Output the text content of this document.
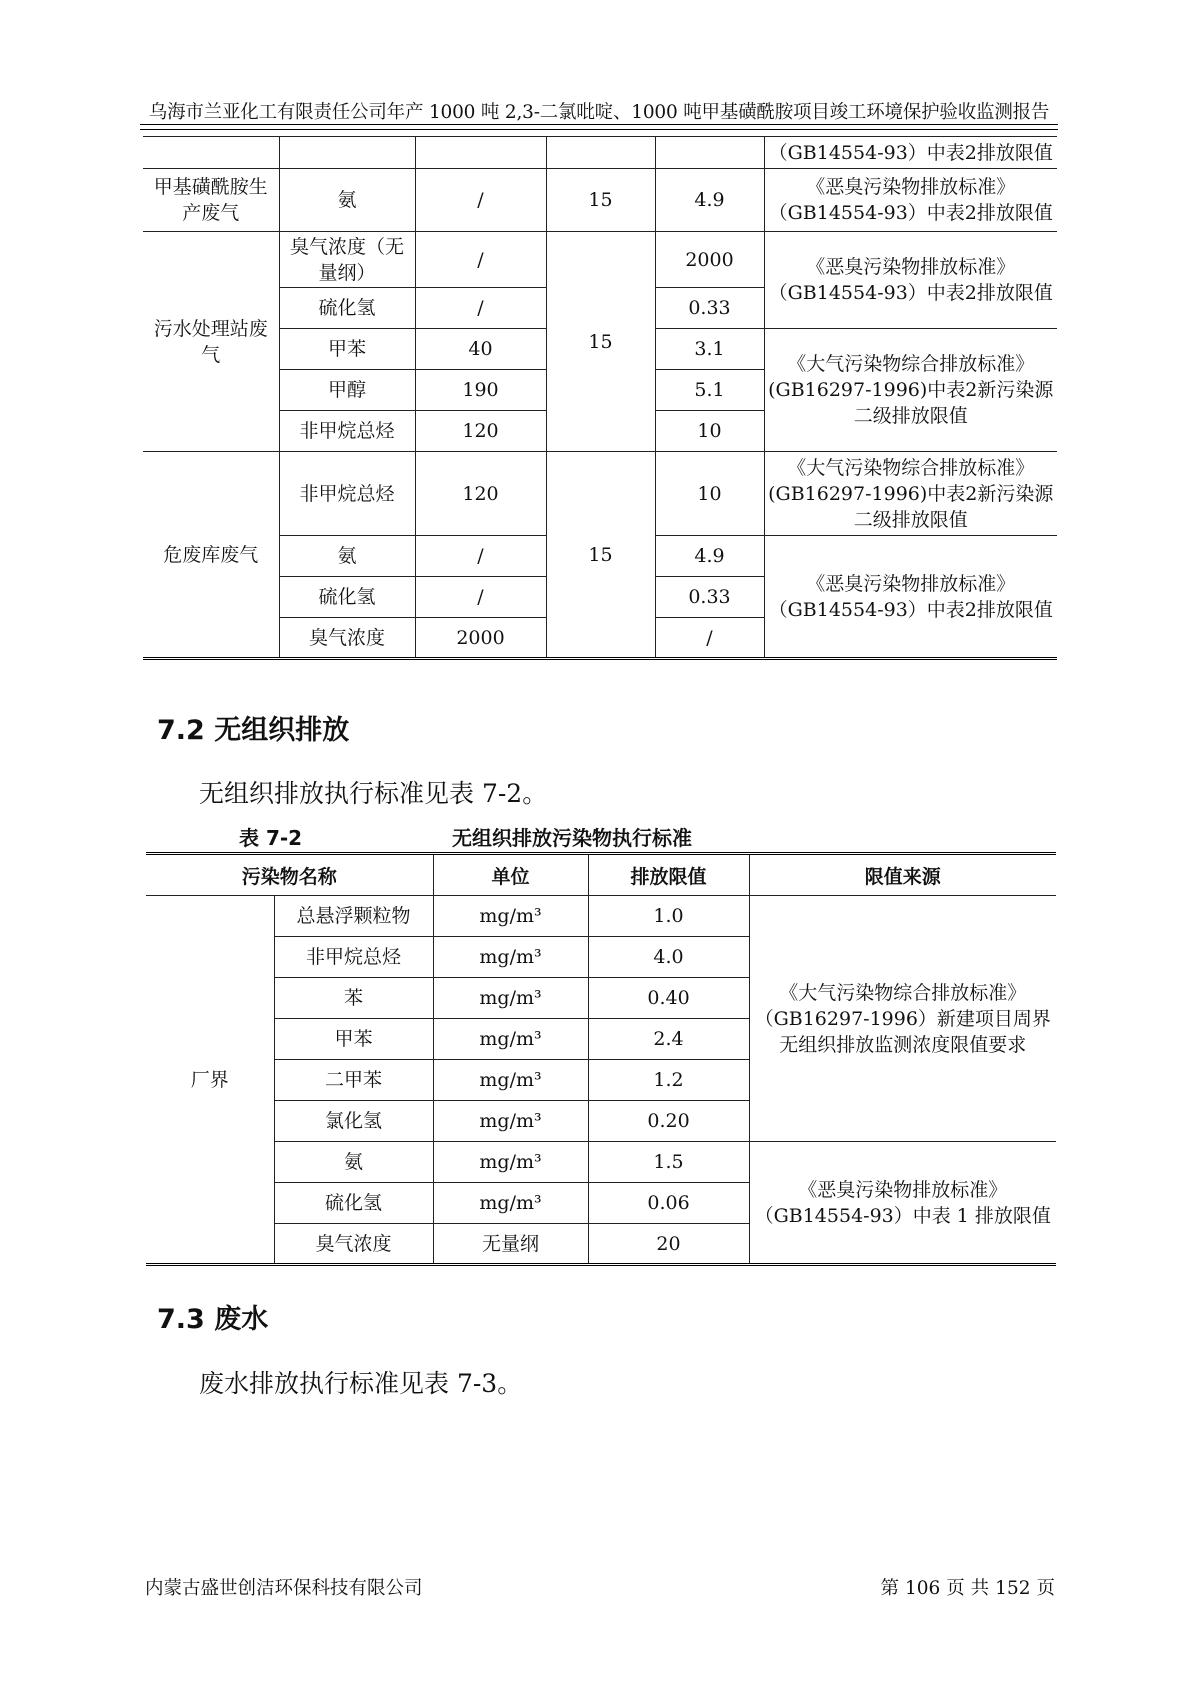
乌海市兰亚化工有限责任公司年产 1000 吨 2,3-二氯吡啶、1000 吨甲基磺酰胺项目竣工环境保护验收监测报告
					（GB14554-93）中表2排放限值
甲基磺酰胺生产废气	氨	/	15	4.9	《恶臭污染物排放标准》（GB14554-93）中表2排放限值
污水处理站废气	臭气浓度（无量纲）	/	15	2000	《恶臭污染物排放标准》（GB14554-93）中表2排放限值
	硫化氢	/		0.33	
	甲苯	40		3.1	《大气污染物综合排放标准》(GB16297-1996)中表2新污染源二级排放限值
	甲醇	190		5.1	
	非甲烷总烃	120		10	
危废库废气	非甲烷总烃	120	15	10	《大气污染物综合排放标准》(GB16297-1996)中表2新污染源二级排放限值
	氨	/		4.9	《恶臭污染物排放标准》（GB14554-93）中表2排放限值
	硫化氢	/		0.33	
	臭气浓度	2000		/	
7.2 无组织排放
无组织排放执行标准见表 7-2。
表 7-2	无组织排放污染物执行标准
污染物名称		单位	排放限值	限值来源
厂界	总悬浮颗粒物	mg/m³	1.0	《大气污染物综合排放标准》（GB16297-1996）新建项目周界无组织排放监测浓度限值要求
	非甲烷总烃	mg/m³	4.0	
	苯	mg/m³	0.40	
	甲苯	mg/m³	2.4	
	二甲苯	mg/m³	1.2	
	氯化氢	mg/m³	0.20	
	氨	mg/m³	1.5	《恶臭污染物排放标准》（GB14554-93）中表 1 排放限值
	硫化氢	mg/m³	0.06	
	臭气浓度	无量纲	20	
7.3 废水
废水排放执行标准见表 7-3。
内蒙古盛世创洁环保科技有限公司	第 106 页 共 152 页
